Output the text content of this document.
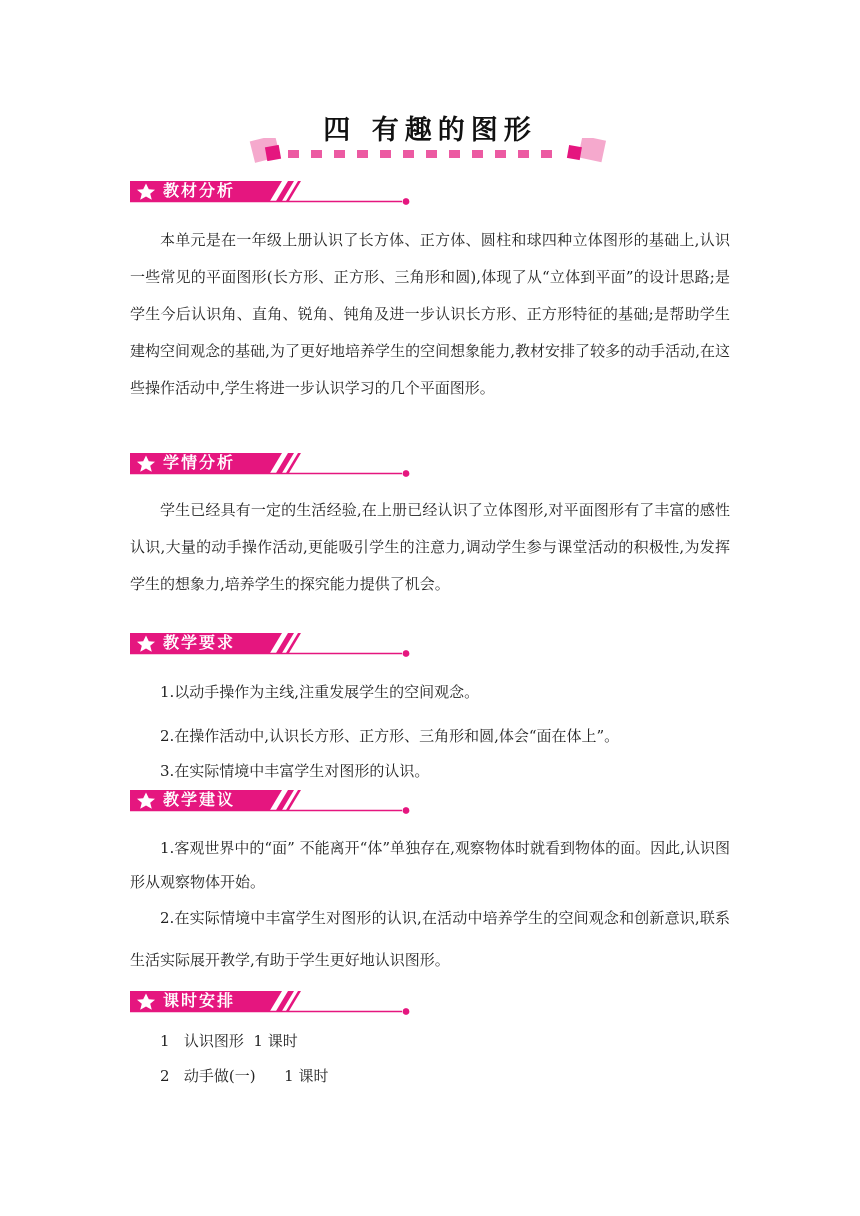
四 有趣的图形
教材分析

本单元是在一年级上册认识了长方体、正方体、圆柱和球四种立体图形的基础上,认识一些常见的平面图形(长方形、正方形、三角形和圆),体现了从“立体到平面”的设计思路;是学生今后认识角、直角、锐角、钝角及进一步认识长方形、正方形特征的基础;是帮助学生建构空间观念的基础,为了更好地培养学生的空间想象能力,教材安排了较多的动手活动,在这些操作活动中,学生将进一步认识学习的几个平面图形。

学情分析

学生已经具有一定的生活经验,在上册已经认识了立体图形,对平面图形有了丰富的感性认识,大量的动手操作活动,更能吸引学生的注意力,调动学生参与课堂活动的积极性,为发挥学生的想象力,培养学生的探究能力提供了机会。

教学要求

1.以动手操作为主线,注重发展学生的空间观念。

2.在操作活动中,认识长方形、正方形、三角形和圆,体会“面在体上”。

3.在实际情境中丰富学生对图形的认识。

教学建议

1.客观世界中的“面” 不能离开“体”单独存在,观察物体时就看到物体的面。因此,认识图形从观察物体开始。

2.在实际情境中丰富学生对图形的认识,在活动中培养学生的空间观念和创新意识,联系生活实际展开教学,有助于学生更好地认识图形。

课时安排

1   认识图形  1 课时

2   动手做(一)      1 课时
